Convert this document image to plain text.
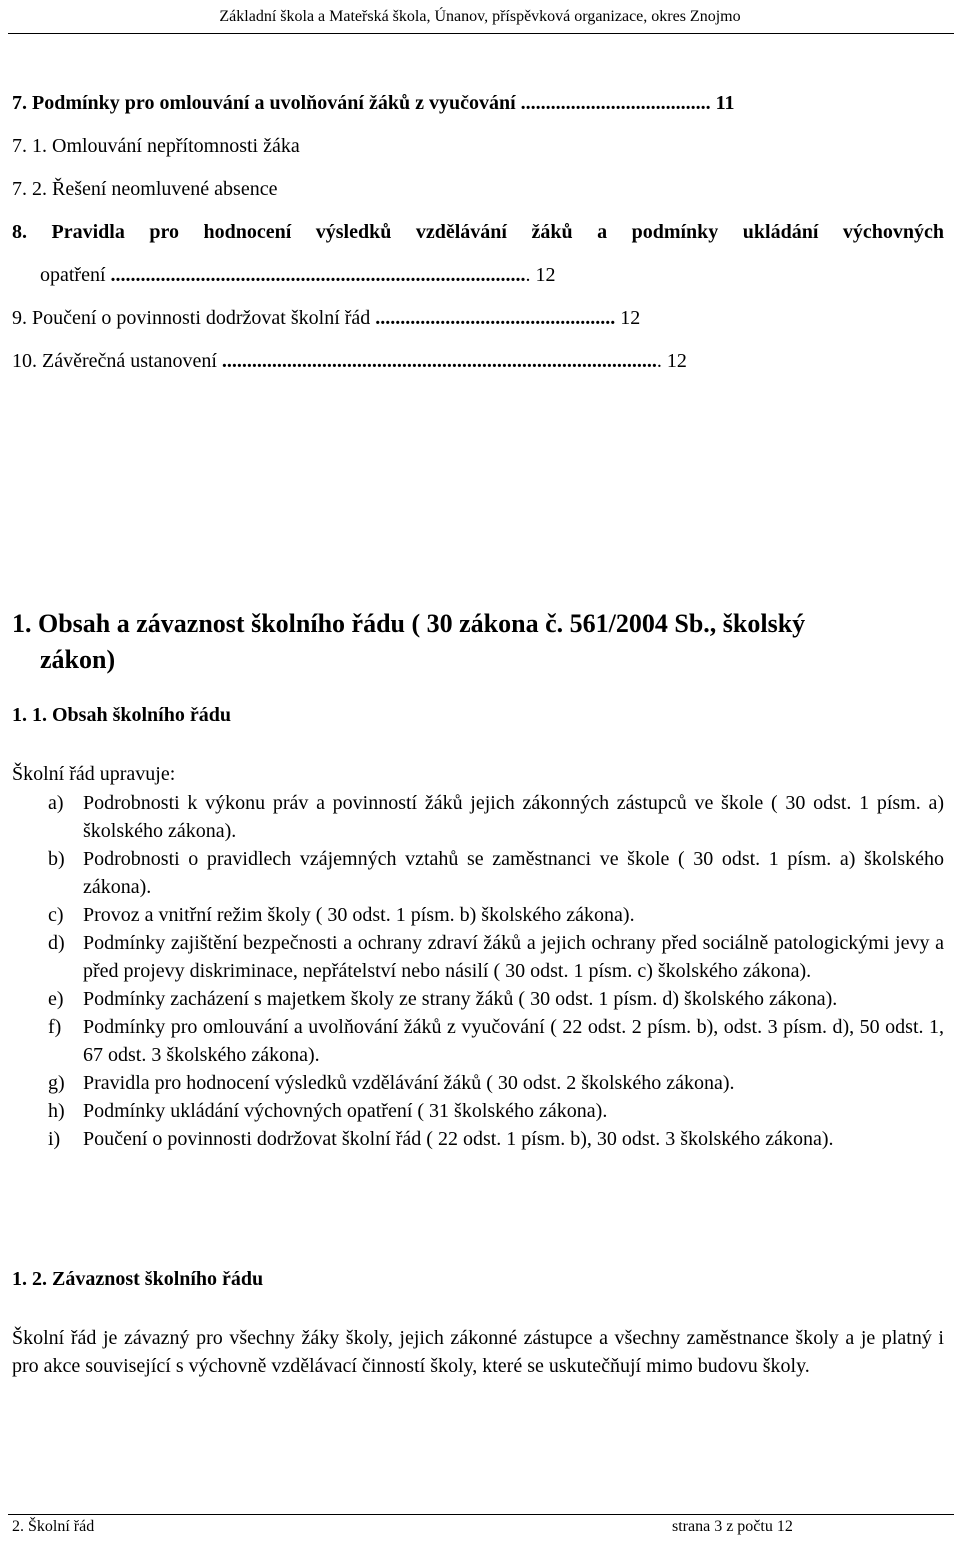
Základní škola a Mateřská škola, Únanov, příspěvková organizace, okres Znojmo
7. Podmínky pro omlouvání a uvolňování žáků z vyučování ...................................... 11
7. 1. Omlouvání nepřítomnosti žáka
7. 2. Řešení neomluvené absence
8. Pravidla pro hodnocení výsledků vzdělávání žáků a podmínky ukládání výchovných
opatření .................................................................................... 12
9. Poučení o povinnosti dodržovat školní řád ................................................ 12
10. Závěrečná ustanovení ........................................................................................ 12
1. Obsah a závaznost školního řádu ( 30 zákona č. 561/2004 Sb., školský
zákon)
1. 1. Obsah školního řádu
Školní řád upravuje:
a) Podrobnosti k výkonu práv a povinností žáků jejich zákonných zástupců ve škole ( 30 odst. 1 písm. a) školského zákona).
b) Podrobnosti o pravidlech vzájemných vztahů se zaměstnanci ve škole ( 30 odst. 1 písm. a) školského zákona).
c) Provoz a vnitřní režim školy ( 30 odst. 1 písm. b) školského zákona).
d) Podmínky zajištění bezpečnosti a ochrany zdraví žáků a jejich ochrany před sociálně patologickými jevy a před projevy diskriminace, nepřátelství nebo násilí ( 30 odst. 1 písm. c) školského zákona).
e) Podmínky zacházení s majetkem školy ze strany žáků ( 30 odst. 1 písm. d) školského zákona).
f) Podmínky pro omlouvání a uvolňování žáků z vyučování ( 22 odst. 2 písm. b), odst. 3 písm. d), 50 odst. 1, 67 odst. 3 školského zákona).
g) Pravidla pro hodnocení výsledků vzdělávání žáků ( 30 odst. 2 školského zákona).
h) Podmínky ukládání výchovných opatření ( 31 školského zákona).
i) Poučení o povinnosti dodržovat školní řád ( 22 odst. 1 písm. b), 30 odst. 3 školského zákona).
1. 2. Závaznost školního řádu
Školní řád je závazný pro všechny žáky školy, jejich zákonné zástupce a všechny zaměstnance školy a je platný i pro akce související s výchovně vzdělávací činností školy, které se uskutečňují mimo budovu školy.
2. Školní řád	strana 3 z počtu 12
